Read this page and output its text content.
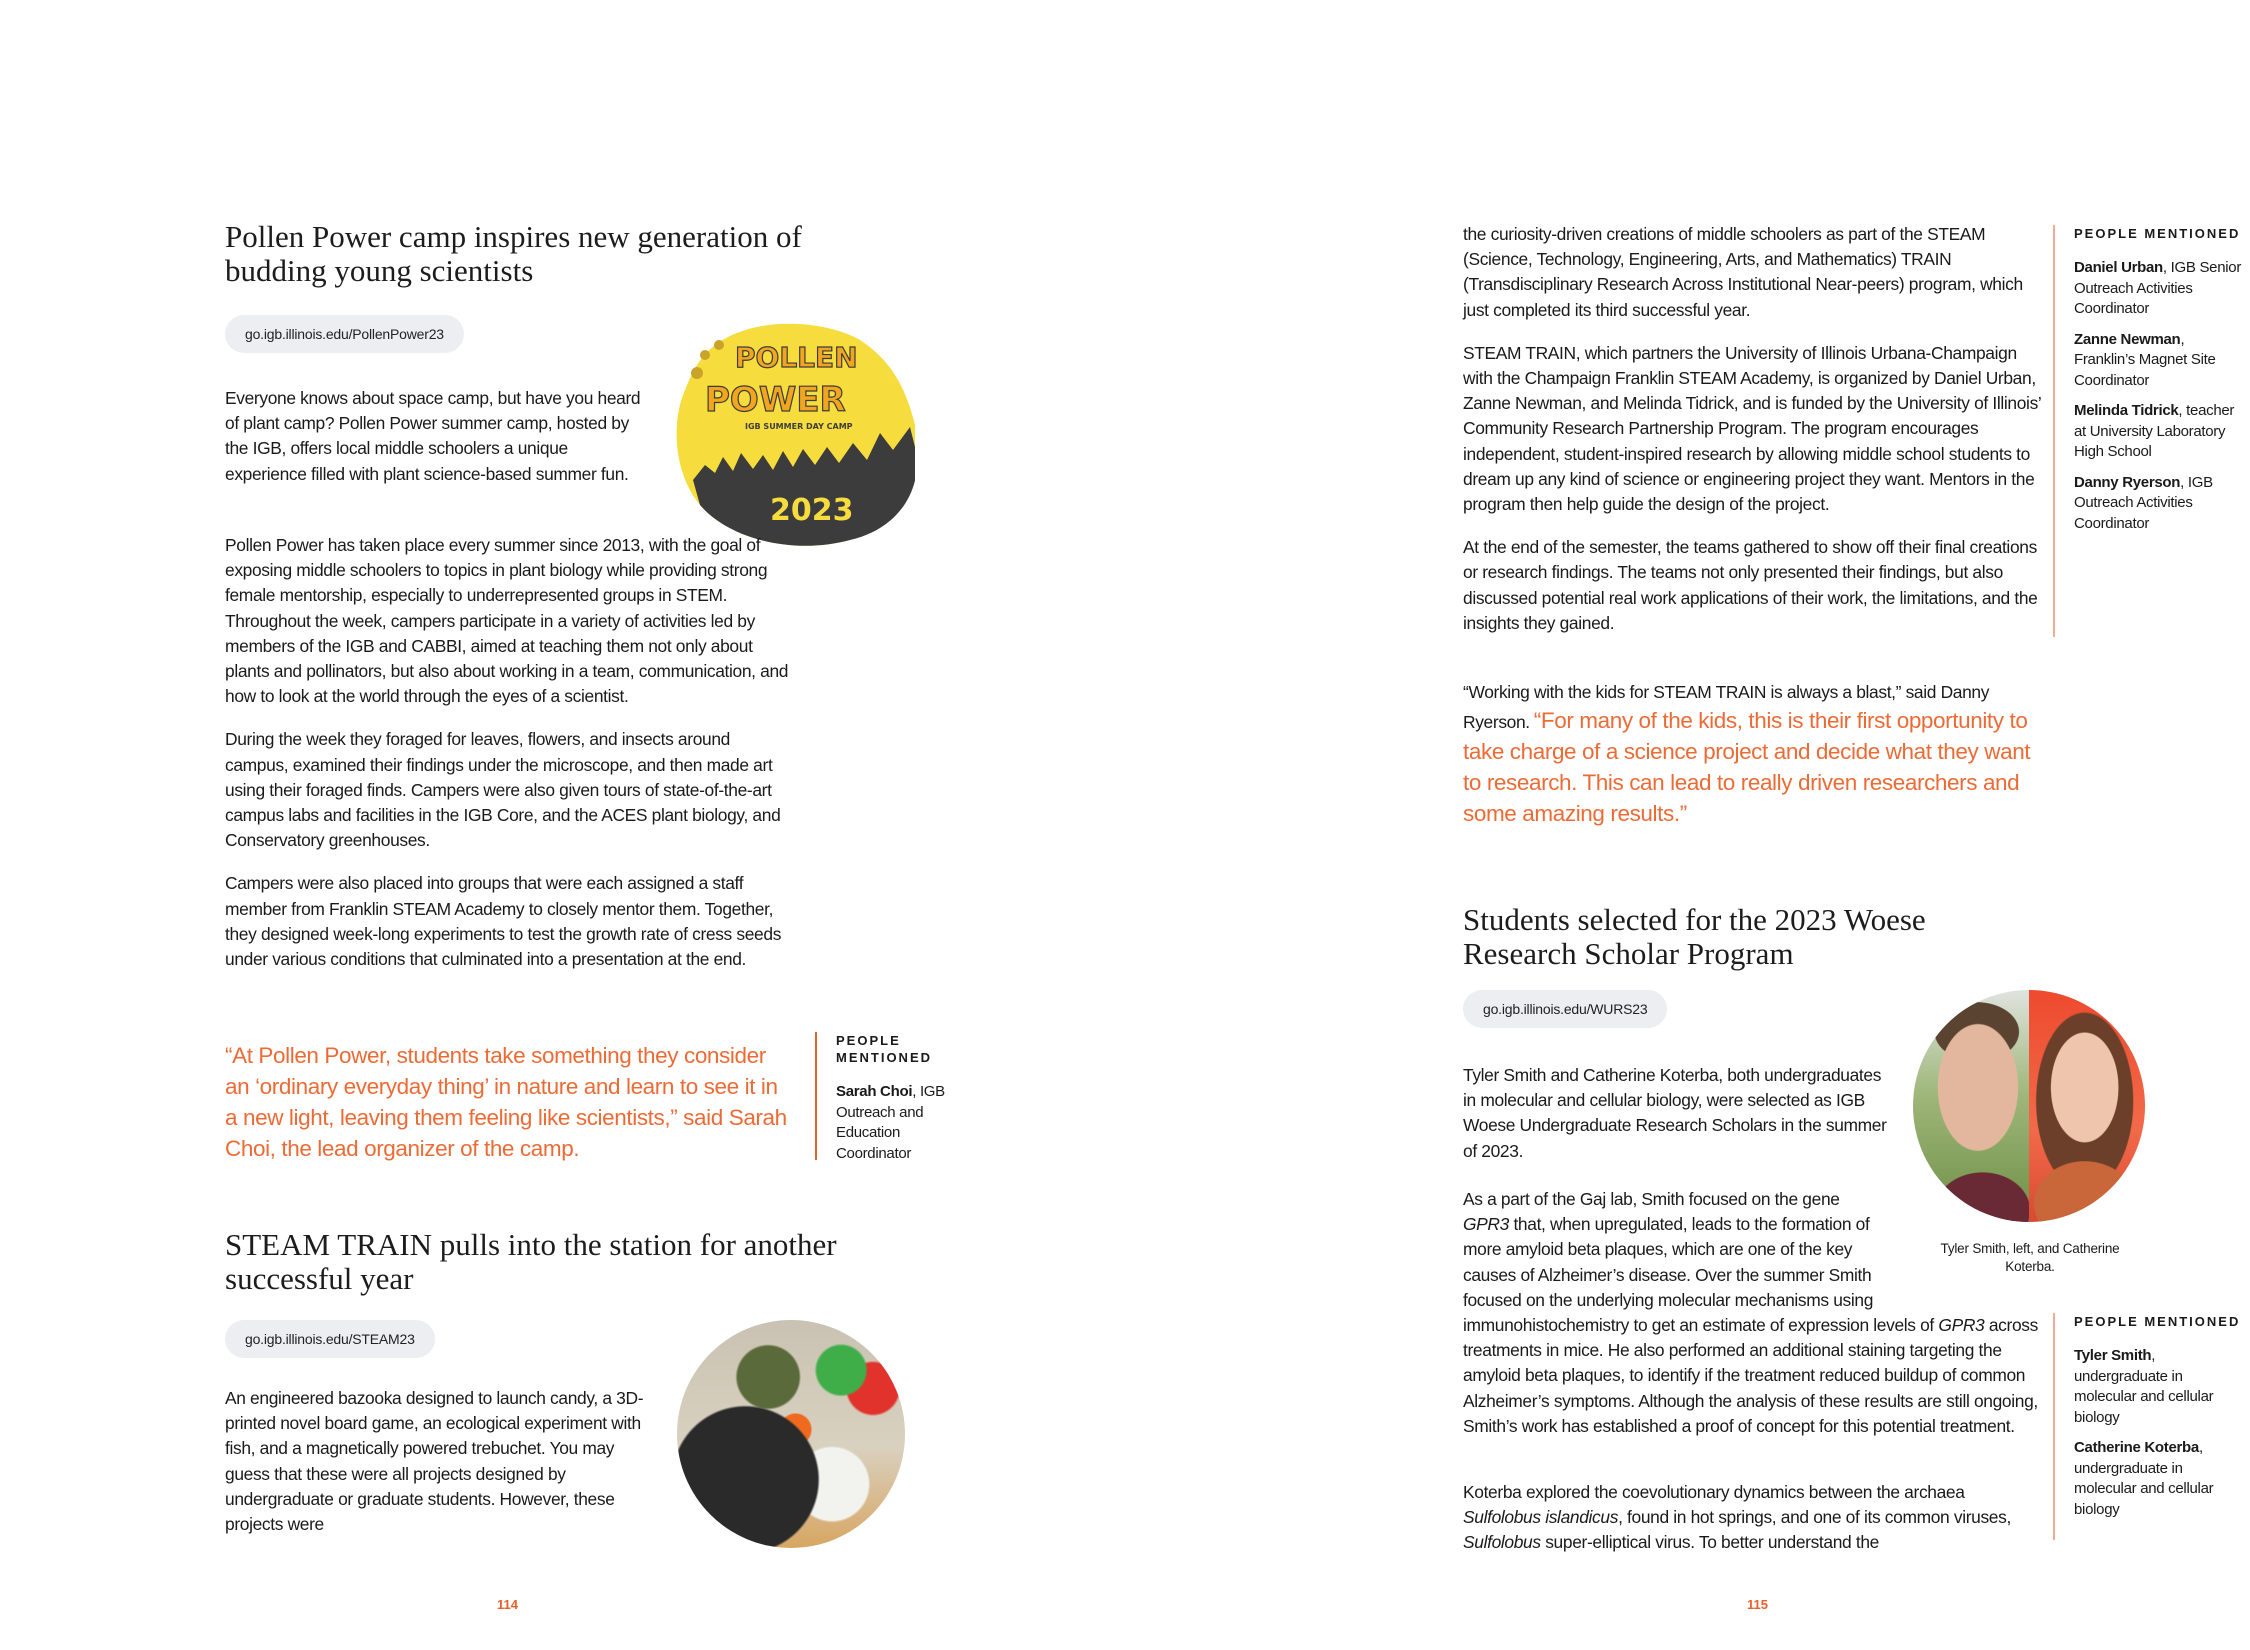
Pollen Power camp inspires new generation of budding young scientists
go.igb.illinois.edu/PollenPower23
POLLEN
POWER
IGB SUMMER DAY CAMP
2023

Everyone knows about space camp, but have you heard of plant camp? Pollen Power summer camp, hosted by the IGB, offers local middle schoolers a unique experience filled with plant science-based summer fun.

Pollen Power has taken place every summer since 2013, with the goal of exposing middle schoolers to topics in plant biology while providing strong female mentorship, especially to underrepresented groups in STEM. Throughout the week, campers participate in a variety of activities led by members of the IGB and CABBI, aimed at teaching them not only about plants and pollinators, but also about working in a team, communication, and how to look at the world through the eyes of a scientist.

During the week they foraged for leaves, flowers, and insects around campus, examined their findings under the microscope, and then made art using their foraged finds. Campers were also given tours of state-of-the-art campus labs and facilities in the IGB Core, and the ACES plant biology, and Conservatory greenhouses.

Campers were also placed into groups that were each assigned a staff member from Franklin STEAM Academy to closely mentor them. Together, they designed week-long experiments to test the growth rate of cress seeds under various conditions that culminated into a presentation at the end.

“At Pollen Power, students take something they consider an ‘ordinary everyday thing’ in nature and learn to see it in a new light, leaving them feeling like scientists,” said Sarah Choi, the lead organizer of the camp.
PEOPLE MENTIONED
Sarah Choi, IGB Outreach and Education Coordinator
STEAM TRAIN pulls into the station for another successful year
go.igb.illinois.edu/STEAM23
An engineered bazooka designed to launch candy, a 3D-printed novel board game, an ecological experiment with fish, and a magnetically powered trebuchet. You may guess that these were all projects designed by undergraduate or graduate students. However, these projects were
114

the curiosity-driven creations of middle schoolers as part of the STEAM (Science, Technology, Engineering, Arts, and Mathematics) TRAIN (Transdisciplinary Research Across Institutional Near-peers) program, which just completed its third successful year.

STEAM TRAIN, which partners the University of Illinois Urbana-Champaign with the Champaign Franklin STEAM Academy, is organized by Daniel Urban, Zanne Newman, and Melinda Tidrick, and is funded by the University of Illinois’ Community Research Partnership Program. The program encourages independent, student-inspired research by allowing middle school students to dream up any kind of science or engineering project they want. Mentors in the program then help guide the design of the project.

At the end of the semester, the teams gathered to show off their final creations or research findings. The teams not only presented their findings, but also discussed potential real work applications of their work, the limitations, and the insights they gained.

“Working with the kids for STEAM TRAIN is always a blast,” said Danny Ryerson. “For many of the kids, this is their first opportunity to take charge of a science project and decide what they want to research. This can lead to really driven researchers and some amazing results.”
PEOPLE MENTIONED
Daniel Urban, IGB Senior Outreach Activities Coordinator
Zanne Newman, Franklin’s Magnet Site Coordinator
Melinda Tidrick, teacher at University Laboratory High School
Danny Ryerson, IGB Outreach Activities Coordinator
Students selected for the 2023 Woese Research Scholar Program
go.igb.illinois.edu/WURS23
Tyler Smith, left, and Catherine Koterba.
Tyler Smith and Catherine Koterba, both undergraduates in molecular and cellular biology, were selected as IGB Woese Undergraduate Research Scholars in the summer of 2023.
As a part of the Gaj lab, Smith focused on the gene GPR3 that, when upregulated, leads to the formation of more amyloid beta plaques, which are one of the key causes of Alzheimer’s disease. Over the summer Smith focused on the underlying molecular mechanisms using immunohistochemistry to get an estimate of expression levels of GPR3 across treatments in mice. He also performed an additional staining targeting the amyloid beta plaques, to identify if the treatment reduced buildup of common Alzheimer’s symptoms. Although the analysis of these results are still ongoing, Smith’s work has established a proof of concept for this potential treatment.
Koterba explored the coevolutionary dynamics between the archaea Sulfolobus islandicus, found in hot springs, and one of its common viruses, Sulfolobus super-elliptical virus. To better understand the
PEOPLE MENTIONED
Tyler Smith, undergraduate in molecular and cellular biology
Catherine Koterba, undergraduate in molecular and cellular biology
115
